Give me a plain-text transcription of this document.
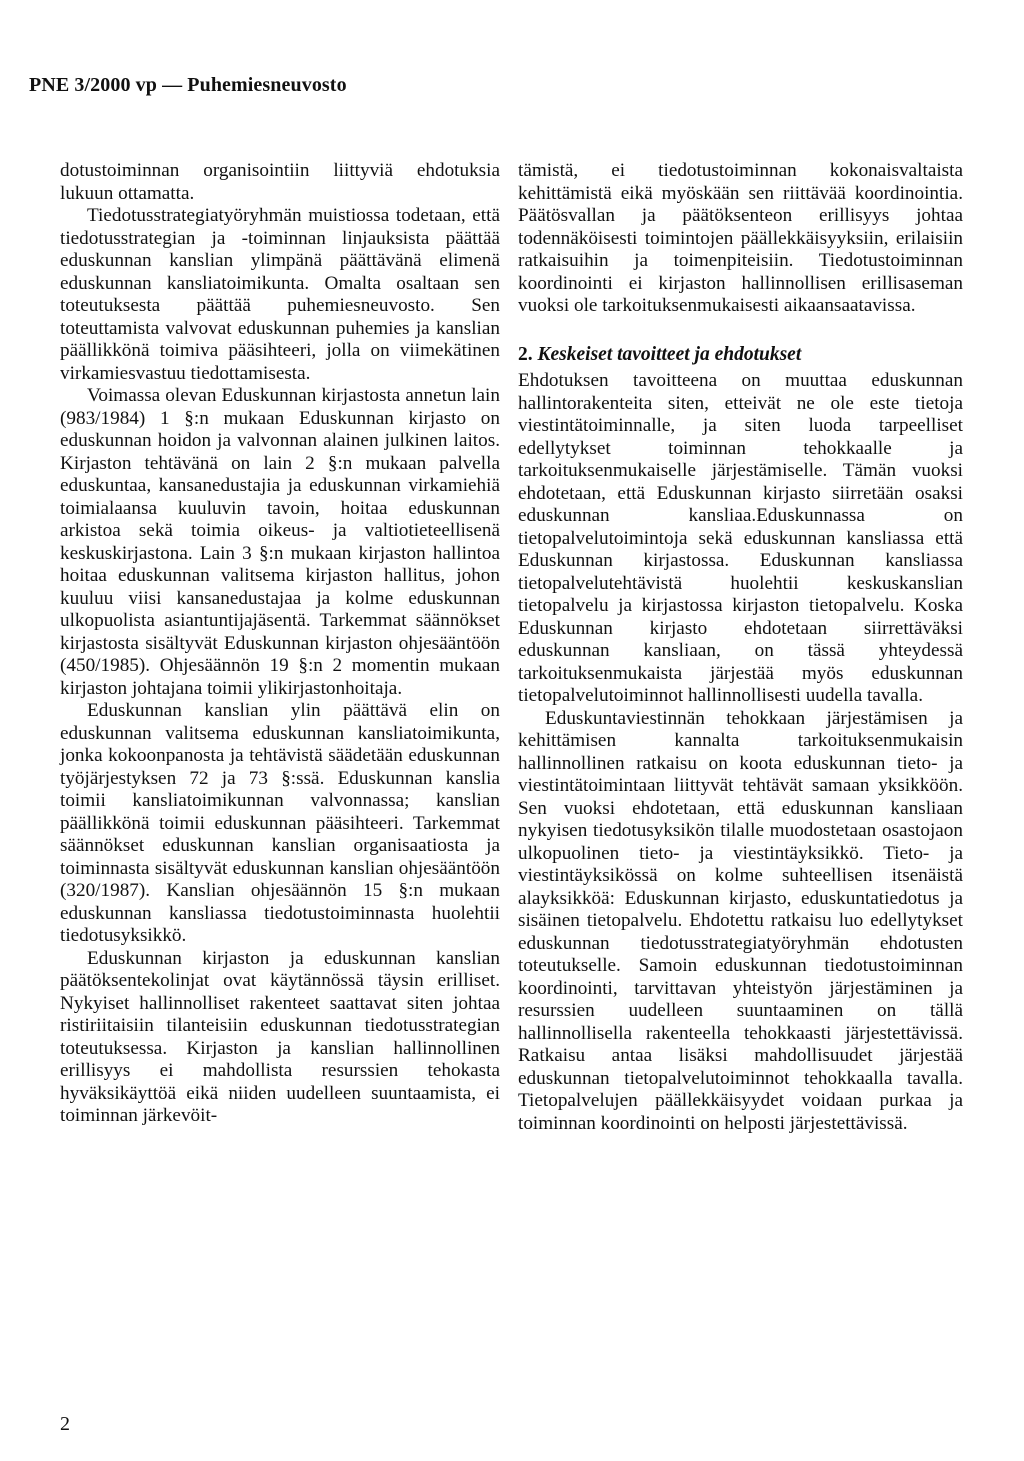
PNE 3/2000 vp — Puhemiesneuvosto

dotustoiminnan organisointiin liittyviä ehdotuksia lukuun ottamatta.

Tiedotusstrategiatyöryhmän muistiossa todetaan, että tiedotusstrategian ja -toiminnan linjauksista päättää eduskunnan kanslian ylimpänä päättävänä elimenä eduskunnan kansliatoimikunta. Omalta osaltaan sen toteutuksesta päättää puhemiesneuvosto. Sen toteuttamista valvovat eduskunnan puhemies ja kanslian päällikkönä toimiva pääsihteeri, jolla on viimekätinen virkamiesvastuu tiedottamisesta.

Voimassa olevan Eduskunnan kirjastosta annetun lain (983/1984) 1 §:n mukaan Eduskunnan kirjasto on eduskunnan hoidon ja valvonnan alainen julkinen laitos. Kirjaston tehtävänä on lain 2 §:n mukaan palvella eduskuntaa, kansanedustajia ja eduskunnan virkamiehiä toimialaansa kuuluvin tavoin, hoitaa eduskunnan arkistoa sekä toimia oikeus- ja valtiotieteellisenä keskuskirjastona. Lain 3 §:n mukaan kirjaston hallintoa hoitaa eduskunnan valitsema kirjaston hallitus, johon kuuluu viisi kansanedustajaa ja kolme eduskunnan ulkopuolista asiantuntijajäsentä. Tarkemmat säännökset kirjastosta sisältyvät Eduskunnan kirjaston ohjesääntöön (450/1985). Ohjesäännön 19 §:n 2 momentin mukaan kirjaston johtajana toimii ylikirjastonhoitaja.

Eduskunnan kanslian ylin päättävä elin on eduskunnan valitsema eduskunnan kansliatoimikunta, jonka kokoonpanosta ja tehtävistä säädetään eduskunnan työjärjestyksen 72 ja 73 §:ssä. Eduskunnan kanslia toimii kansliatoimikunnan valvonnassa; kanslian päällikkönä toimii eduskunnan pääsihteeri. Tarkemmat säännökset eduskunnan kanslian organisaatiosta ja toiminnasta sisältyvät eduskunnan kanslian ohjesääntöön (320/1987). Kanslian ohjesäännön 15 §:n mukaan eduskunnan kansliassa tiedotustoiminnasta huolehtii tiedotusyksikkö.

Eduskunnan kirjaston ja eduskunnan kanslian päätöksentekolinjat ovat käytännössä täysin erilliset. Nykyiset hallinnolliset rakenteet saattavat siten johtaa ristiriitaisiin tilanteisiin eduskunnan tiedotusstrategian toteutuksessa. Kirjaston ja kanslian hallinnollinen erillisyys ei mahdollista resurssien tehokasta hyväksikäyttöä eikä niiden uudelleen suuntaamista, ei toiminnan järkevöit-

tämistä, ei tiedotustoiminnan kokonaisvaltaista kehittämistä eikä myöskään sen riittävää koordinointia. Päätösvallan ja päätöksenteon erillisyys johtaa todennäköisesti toimintojen päällekkäisyyksiin, erilaisiin ratkaisuihin ja toimenpiteisiin. Tiedotustoiminnan koordinointi ei kirjaston hallinnollisen erillisaseman vuoksi ole tarkoituksenmukaisesti aikaansaatavissa.

2. Keskeiset tavoitteet ja ehdotukset

Ehdotuksen tavoitteena on muuttaa eduskunnan hallintorakenteita siten, etteivät ne ole este tietoja viestintätoiminnalle, ja siten luoda tarpeelliset edellytykset toiminnan tehokkaalle ja tarkoituksenmukaiselle järjestämiselle. Tämän vuoksi ehdotetaan, että Eduskunnan kirjasto siirretään osaksi eduskunnan kansliaa.Eduskunnassa on tietopalvelutoimintoja sekä eduskunnan kansliassa että Eduskunnan kirjastossa. Eduskunnan kansliassa tietopalvelutehtävistä huolehtii keskuskanslian tietopalvelu ja kirjastossa kirjaston tietopalvelu. Koska Eduskunnan kirjasto ehdotetaan siirrettäväksi eduskunnan kansliaan, on tässä yhteydessä tarkoituksenmukaista järjestää myös eduskunnan tietopalvelutoiminnot hallinnollisesti uudella tavalla.

Eduskuntaviestinnän tehokkaan järjestämisen ja kehittämisen kannalta tarkoituksenmukaisin hallinnollinen ratkaisu on koota eduskunnan tieto- ja viestintätoimintaan liittyvät tehtävät samaan yksikköön. Sen vuoksi ehdotetaan, että eduskunnan kansliaan nykyisen tiedotusyksikön tilalle muodostetaan osastojaon ulkopuolinen tieto- ja viestintäyksikkö. Tieto- ja viestintäyksikössä on kolme suhteellisen itsenäistä alayksikköä: Eduskunnan kirjasto, eduskuntatiedotus ja sisäinen tietopalvelu. Ehdotettu ratkaisu luo edellytykset eduskunnan tiedotusstrategiatyöryhmän ehdotusten toteutukselle. Samoin eduskunnan tiedotustoiminnan koordinointi, tarvittavan yhteistyön järjestäminen ja resurssien uudelleen suuntaaminen on tällä hallinnollisella rakenteella tehokkaasti järjestettävissä. Ratkaisu antaa lisäksi mahdollisuudet järjestää eduskunnan tietopalvelutoiminnot tehokkaalla tavalla. Tietopalvelujen päällekkäisyydet voidaan purkaa ja toiminnan koordinointi on helposti järjestettävissä.

2
